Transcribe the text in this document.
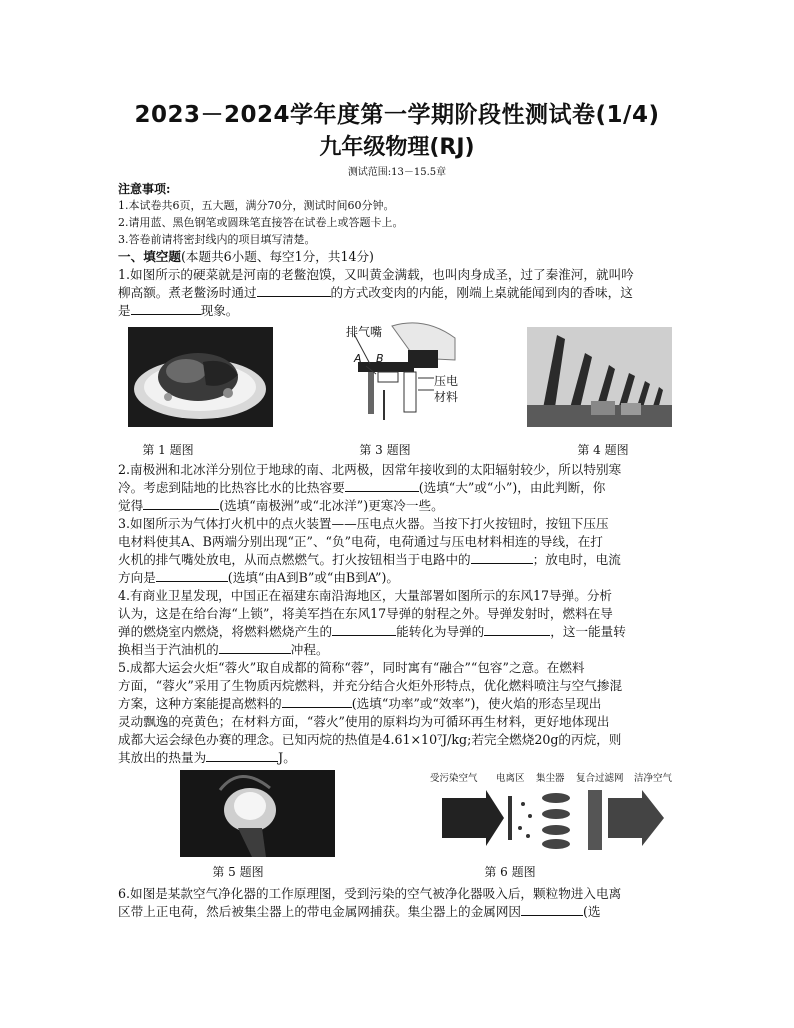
2023－2024学年度第一学期阶段性测试卷(1/4)
九年级物理(RJ)
测试范围:13－15.5章
注意事项:
1.本试卷共6页，五大题，满分70分，测试时间60分钟。
2.请用蓝、黑色钢笔或圆珠笔直接答在试卷上或答题卡上。
3.答卷前请将密封线内的项目填写清楚。
一、填空题(本题共6小题、每空1分，共14分)
1.如图所示的硬菜就是河南的老鳖泡馍，又叫黄金满载，也叫肉身成圣，过了秦淮河，就叫吟
柳高额。煮老鳖汤时通过	的方式改变肉的内能，刚端上桌就能闻到肉的香味，这
是	现象。
排气嘴
A B
压电
材料
第 1 题图	第 3 题图	第 4 题图
2.南极洲和北冰洋分别位于地球的南、北两极，因常年接收到的太阳辐射较少，所以特别寒
冷。考虑到陆地的比热容比水的比热容要	(选填“大”或“小”)，由此判断，你
觉得	(选填“南极洲”或“北冰洋”)更寒冷一些。
3.如图所示为气体打火机中的点火装置——压电点火器。当按下打火按钮时，按钮下压压
电材料使其A、B两端分别出现“正”、“负”电荷，电荷通过与压电材料相连的导线，在打
火机的排气嘴处放电，从而点燃燃气。打火按钮相当于电路中的	；放电时，电流
方向是	(选填“由A到B”或“由B到A”)。
4.有商业卫星发现，中国正在福建东南沿海地区，大量部署如图所示的东风17导弹。分析
认为，这是在给台海“上锁”，将美军挡在东风17导弹的射程之外。导弹发射时，燃料在导
弹的燃烧室内燃烧，将燃料燃烧产生的	能转化为导弹的	，这一能量转
换相当于汽油机的	冲程。
5.成都大运会火炬“蓉火”取自成都的简称“蓉”，同时寓有“融合”“包容”之意。在燃料
方面，“蓉火”采用了生物质丙烷燃料，并充分结合火炬外形特点，优化燃料喷注与空气掺混
方案，这种方案能提高燃料的	(选填“功率”或“效率”)，使火焰的形态呈现出
灵动飘逸的亮黄色；在材料方面，“蓉火”使用的原料均为可循环再生材料，更好地体现出
成都大运会绿色办赛的理念。已知丙烷的热值是4.61×10⁷J/kg;若完全燃烧20g的丙烷，则
其放出的热量为	J。
受污染空气 电离区 集尘器 复合过滤网 洁净空气
第 5 题图	第 6 题图
6.如图是某款空气净化器的工作原理图，受到污染的空气被净化器吸入后，颗粒物进入电离
区带上正电荷，然后被集尘器上的带电金属网捕获。集尘器上的金属网因	(选
